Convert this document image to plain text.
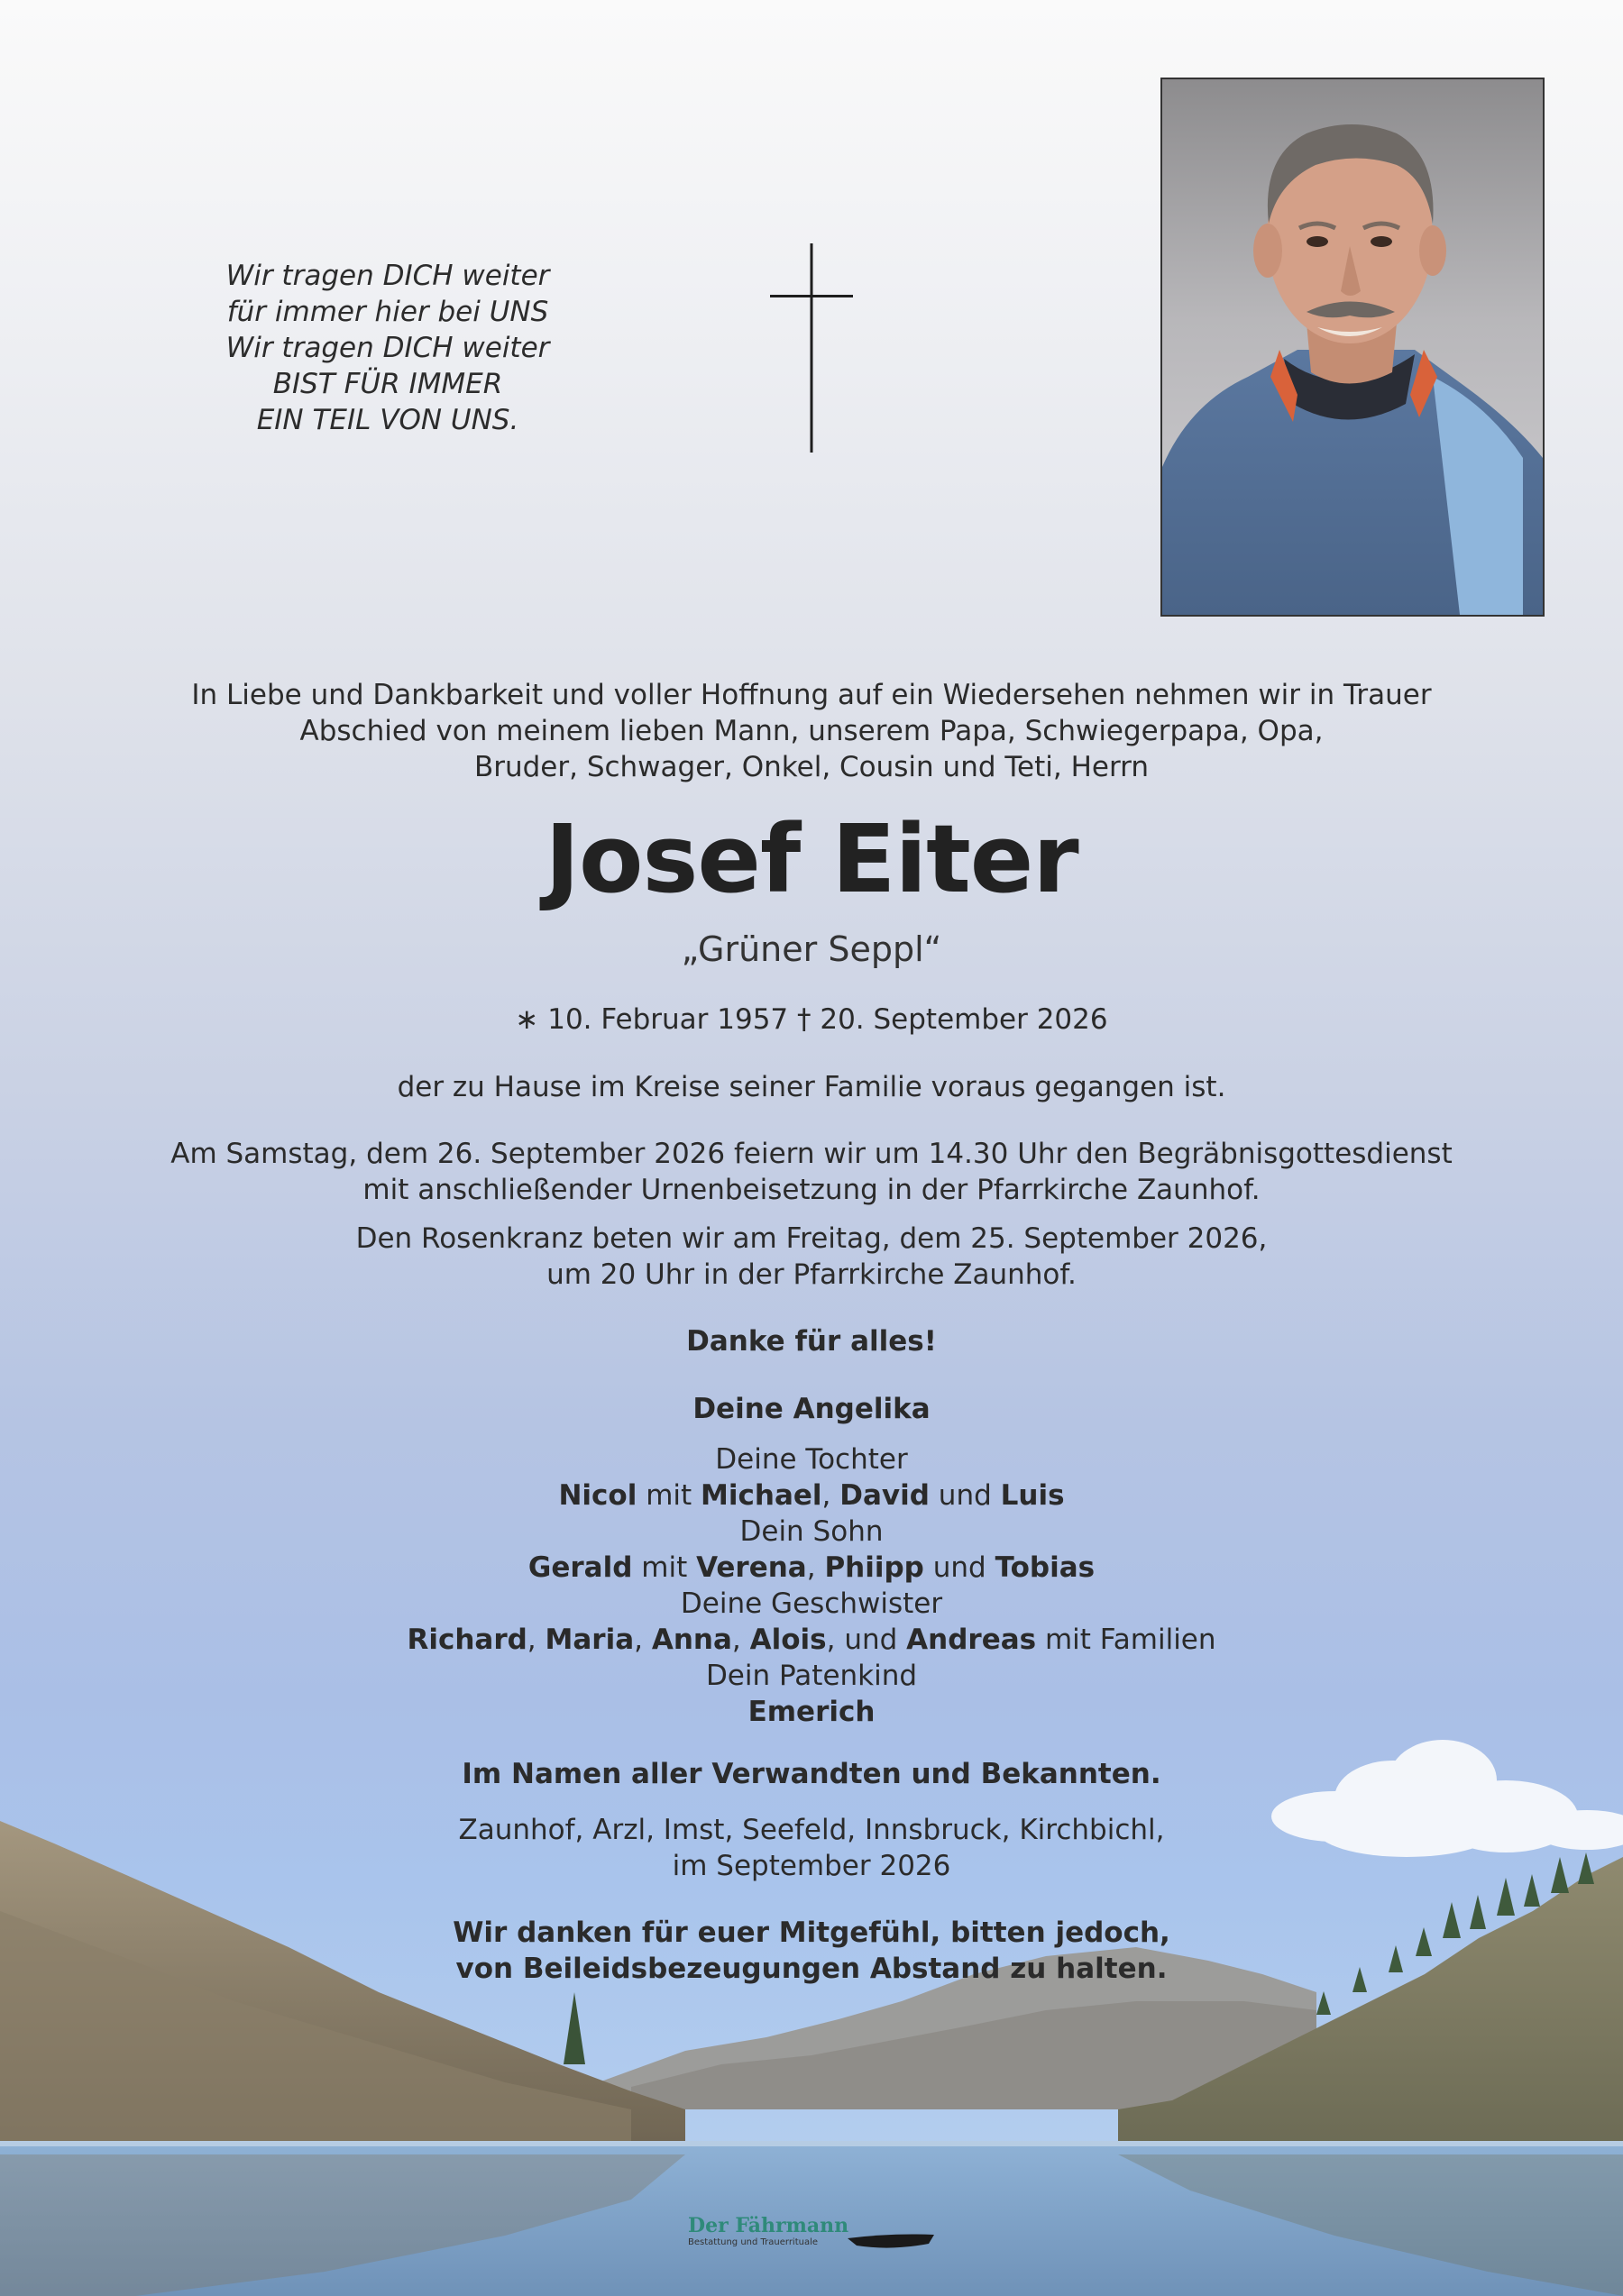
Wir tragen DICH weiter
für immer hier bei UNS
Wir tragen DICH weiter
BIST FÜR IMMER
EIN TEIL VON UNS.
In Liebe und Dankbarkeit und voller Hoffnung auf ein Wiedersehen nehmen wir in Trauer
Abschied von meinem lieben Mann, unserem Papa, Schwiegerpapa, Opa,
Bruder, Schwager, Onkel, Cousin und Teti, Herrn
Josef Eiter
„Grüner Seppl“
∗ 10. Februar 1957 † 20. September 2026
der zu Hause im Kreise seiner Familie voraus gegangen ist.
Am Samstag, dem 26. September 2026 feiern wir um 14.30 Uhr den Begräbnisgottesdienst
mit anschließender Urnenbeisetzung in der Pfarrkirche Zaunhof.
Den Rosenkranz beten wir am Freitag, dem 25. September 2026,
um 20 Uhr in der Pfarrkirche Zaunhof.
Danke für alles!
Deine Angelika
Deine Tochter
Nicol mit Michael, David und Luis
Dein Sohn
Gerald mit Verena, Phiipp und Tobias
Deine Geschwister
Richard, Maria, Anna, Alois, und Andreas mit Familien
Dein Patenkind
Emerich
Im Namen aller Verwandten und Bekannten.
Zaunhof, Arzl, Imst, Seefeld, Innsbruck, Kirchbichl,
im September 2026
Wir danken für euer Mitgefühl, bitten jedoch,
von Beileidsbezeugungen Abstand zu halten.
Der Fährmann
Bestattung und Trauerrituale
